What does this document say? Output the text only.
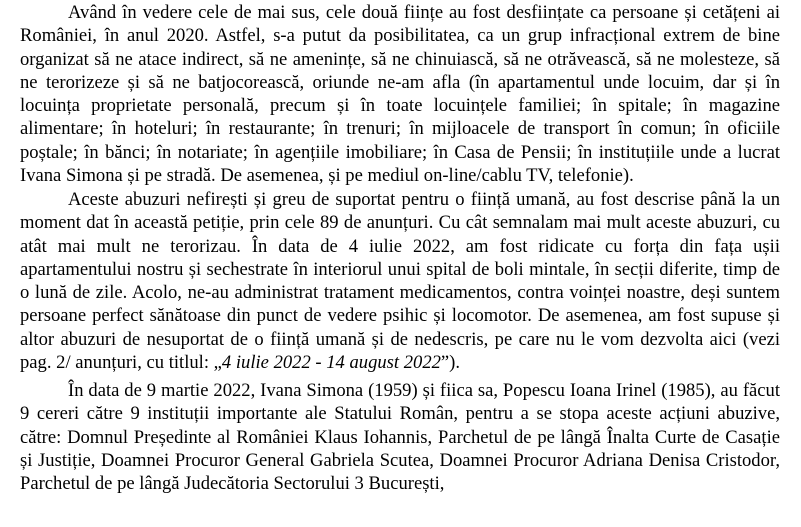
Având în vedere cele de mai sus, cele două ființe au fost desființate ca persoane și cetățeni ai României, în anul 2020. Astfel, s-a putut da posibilitatea, ca un grup infracțional extrem de bine organizat să ne atace indirect, să ne amenințe, să ne chinuiască, să ne otrăvească, să ne molesteze, să ne terorizeze și să ne batjocorească, oriunde ne-am afla (în apartamentul unde locuim, dar și în locuința proprietate personală, precum și în toate locuințele familiei; în spitale; în magazine alimentare; în hoteluri; în restaurante; în trenuri; în mijloacele de transport în comun; în oficiile poștale; în bănci; în notariate; în agențiile imobiliare; în Casa de Pensii; în instituțiile unde a lucrat Ivana Simona și pe stradă. De asemenea, și pe mediul on-line/cablu TV, telefonie).

Aceste abuzuri nefirești și greu de suportat pentru o ființă umană, au fost descrise până la un moment dat în această petiție, prin cele 89 de anunțuri. Cu cât semnalam mai mult aceste abuzuri, cu atât mai mult ne terorizau. În data de 4 iulie 2022, am fost ridicate cu forța din fața ușii apartamentului nostru și sechestrate în interiorul unui spital de boli mintale, în secții diferite, timp de o lună de zile. Acolo, ne-au administrat tratament medicamentos, contra voinței noastre, deși suntem persoane perfect sănătoase din punct de vedere psihic și locomotor. De asemenea, am fost supuse și altor abuzuri de nesuportat de o ființă umană și de nedescris, pe care nu le vom dezvolta aici (vezi pag. 2/ anunțuri, cu titlul: „4 iulie 2022 - 14 august 2022”).

În data de 9 martie 2022, Ivana Simona (1959) și fiica sa, Popescu Ioana Irinel (1985), au făcut 9 cereri către 9 instituții importante ale Statului Român, pentru a se stopa aceste acțiuni abuzive, către: Domnul Președinte al României Klaus Iohannis, Parchetul de pe lângă Înalta Curte de Casație și Justiție, Doamnei Procuror General Gabriela Scutea, Doamnei Procuror Adriana Denisa Cristodor, Parchetul de pe lângă Judecătoria Sectorului 3 București,
